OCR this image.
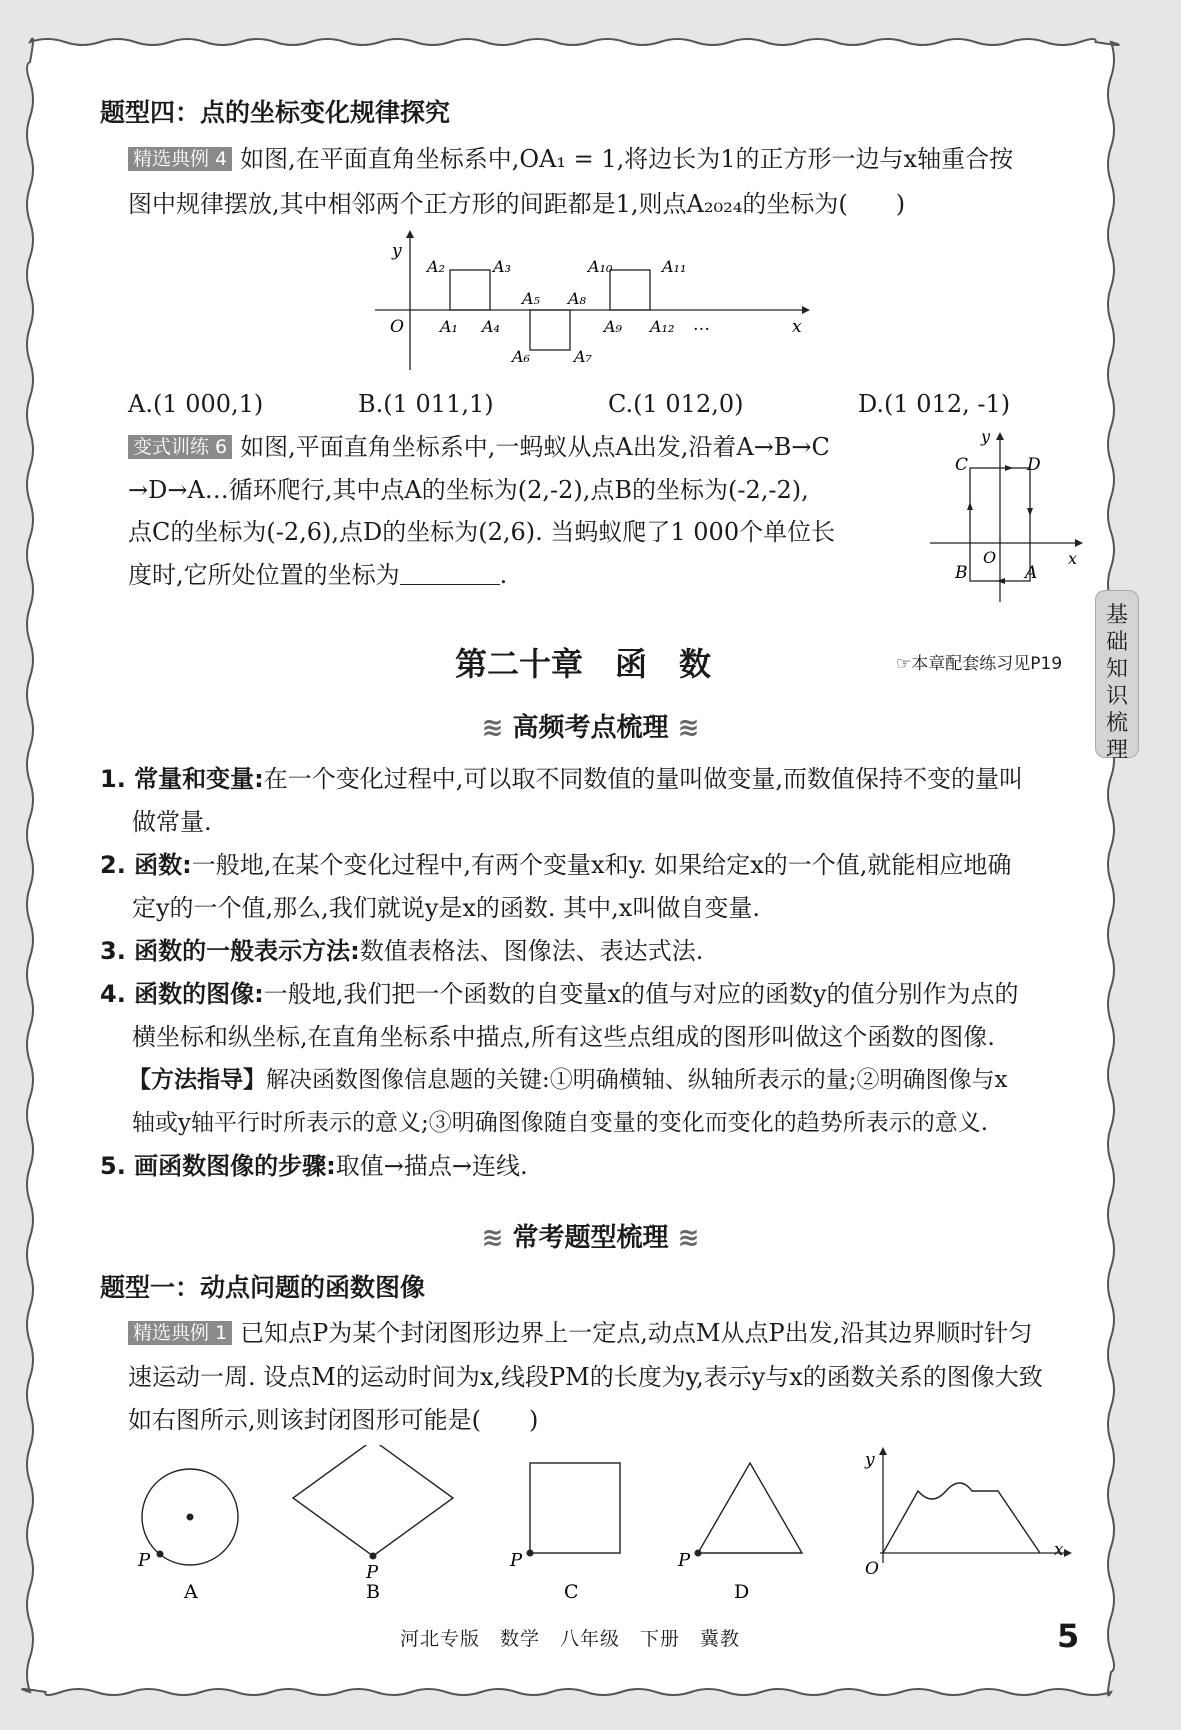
题型四：点的坐标变化规律探究
精选典例 4 如图,在平面直角坐标系中,OA₁ = 1,将边长为1的正方形一边与x轴重合按
图中规律摆放,其中相邻两个正方形的间距都是1,则点A₂₀₂₄的坐标为(　　)
y
x
O
A₂	A₃
A₁ A₄
A₅ A₈
A₆	A₇
A₁₀	A₁₁
A₉ A₁₂ …
A.(1 000,1)	B.(1 011,1)	C.(1 012,0)	D.(1 012, -1)
变式训练 6 如图,平面直角坐标系中,一蚂蚁从点A出发,沿着A→B→C
→D→A…循环爬行,其中点A的坐标为(2,-2),点B的坐标为(-2,-2),
点C的坐标为(-2,6),点D的坐标为(2,6). 当蚂蚁爬了1 000个单位长
度时,它所处位置的坐标为	.
y
x
O
C	D
B	A
基础知识梳理
第二十章　函　数	☞本章配套练习见P19
≋ 高频考点梳理 ≋
1. 常量和变量:在一个变化过程中,可以取不同数值的量叫做变量,而数值保持不变的量叫
做常量.
2. 函数:一般地,在某个变化过程中,有两个变量x和y. 如果给定x的一个值,就能相应地确
定y的一个值,那么,我们就说y是x的函数. 其中,x叫做自变量.
3. 函数的一般表示方法:数值表格法、图像法、表达式法.
4. 函数的图像:一般地,我们把一个函数的自变量x的值与对应的函数y的值分别作为点的
横坐标和纵坐标,在直角坐标系中描点,所有这些点组成的图形叫做这个函数的图像.
【方法指导】解决函数图像信息题的关键:①明确横轴、纵轴所表示的量;②明确图像与x
轴或y轴平行时所表示的意义;③明确图像随自变量的变化而变化的趋势所表示的意义.
5. 画函数图像的步骤:取值→描点→连线.
≋ 常考题型梳理 ≋
题型一：动点问题的函数图像
精选典例 1 已知点P为某个封闭图形边界上一定点,动点M从点P出发,沿其边界顺时针匀
速运动一周. 设点M的运动时间为x,线段PM的长度为y,表示y与x的函数关系的图像大致
如右图所示,则该封闭图形可能是(　　)
P
A
P
B
P
C
P
D
y
x
O
河北专版　数学　八年级　下册　冀教	5
